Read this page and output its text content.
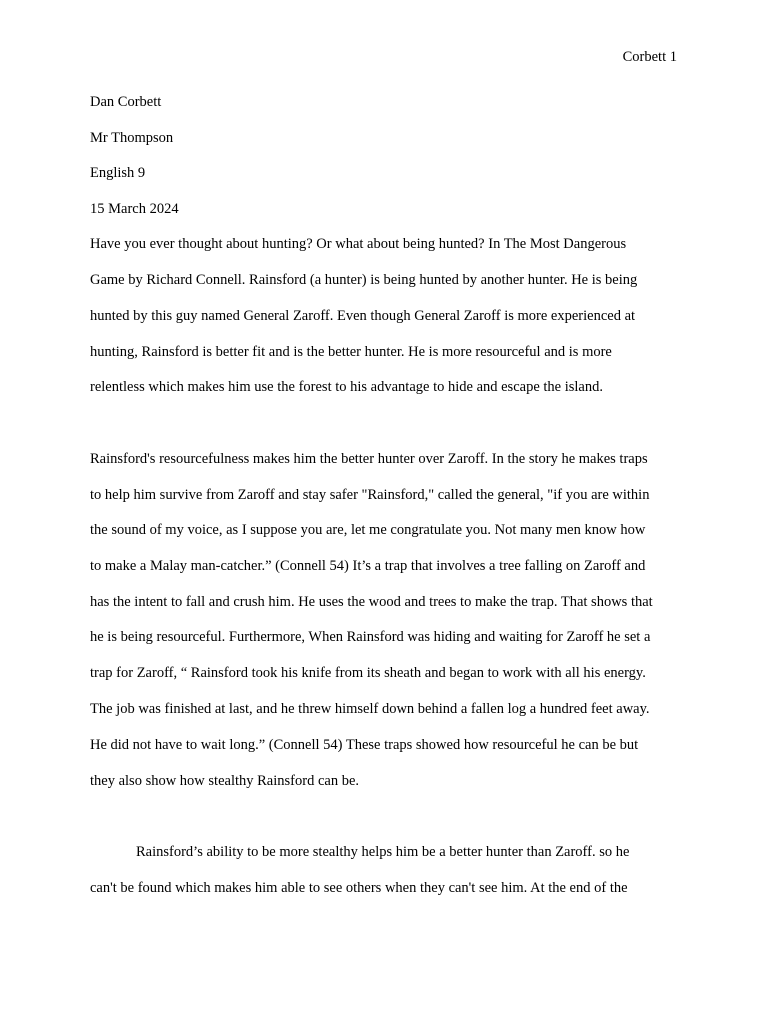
Corbett 1
Dan Corbett
Mr Thompson
English 9
15 March 2024
Have you ever thought about hunting? Or what about being hunted? In The Most Dangerous
Game by Richard Connell. Rainsford (a hunter) is being hunted by another hunter. He is being
hunted by this guy named General Zaroff. Even though General Zaroff is more experienced at
hunting, Rainsford is better fit and is the better hunter. He is more resourceful and is more
relentless which makes him use the forest to his advantage to hide and escape the island.
Rainsford's resourcefulness makes him the better hunter over Zaroff. In the story he makes traps
to help him survive from Zaroff and stay safer "Rainsford," called the general, "if you are within
the sound of my voice, as I suppose you are, let me congratulate you. Not many men know how
to make a Malay man-catcher.” (Connell 54) It’s a trap that involves a tree falling on Zaroff and
has the intent to fall and crush him. He uses the wood and trees to make the trap. That shows that
he is being resourceful. Furthermore, When Rainsford was hiding and waiting for Zaroff he set a
trap for Zaroff, “ Rainsford took his knife from its sheath and began to work with all his energy.
The job was finished at last, and he threw himself down behind a fallen log a hundred feet away.
He did not have to wait long.” (Connell 54) These traps showed how resourceful he can be but
they also show how stealthy Rainsford can be.
Rainsford’s ability to be more stealthy helps him be a better hunter than Zaroff. so he
can't be found which makes him able to see others when they can't see him. At the end of the
